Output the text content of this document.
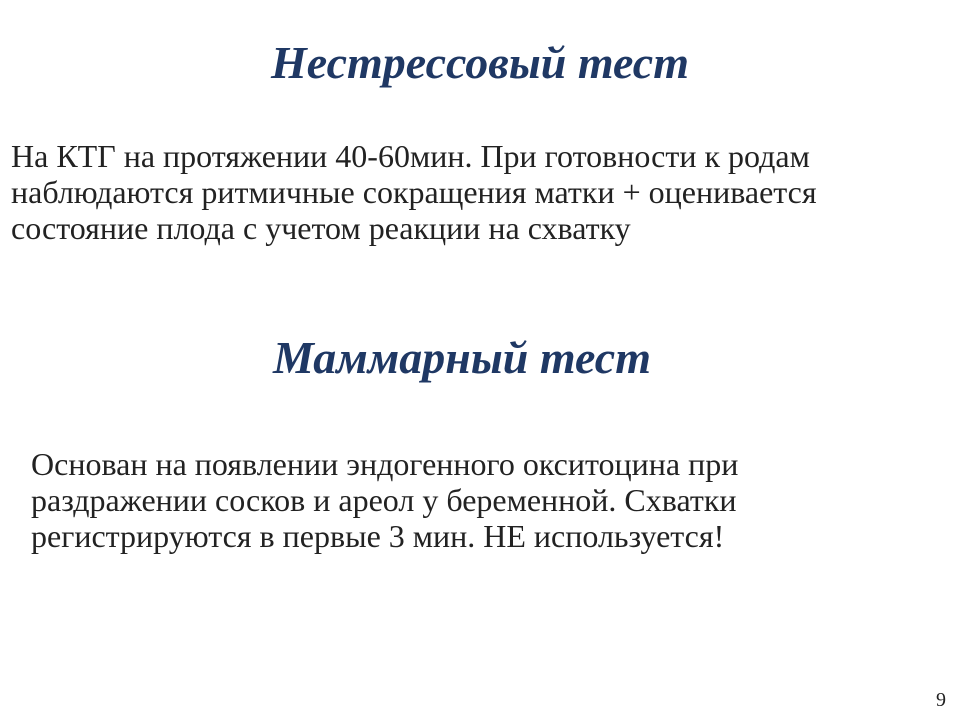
Нестрессовый тест

На КТГ на протяжении 40-60мин. При готовности к родам
наблюдаются ритмичные сокращения матки + оценивается
состояние плода с учетом реакции на схватку

Маммарный тест

Основан на появлении эндогенного окситоцина при
раздражении сосков и ареол у беременной. Схватки
регистрируются в первые 3 мин. НЕ используется!

9
